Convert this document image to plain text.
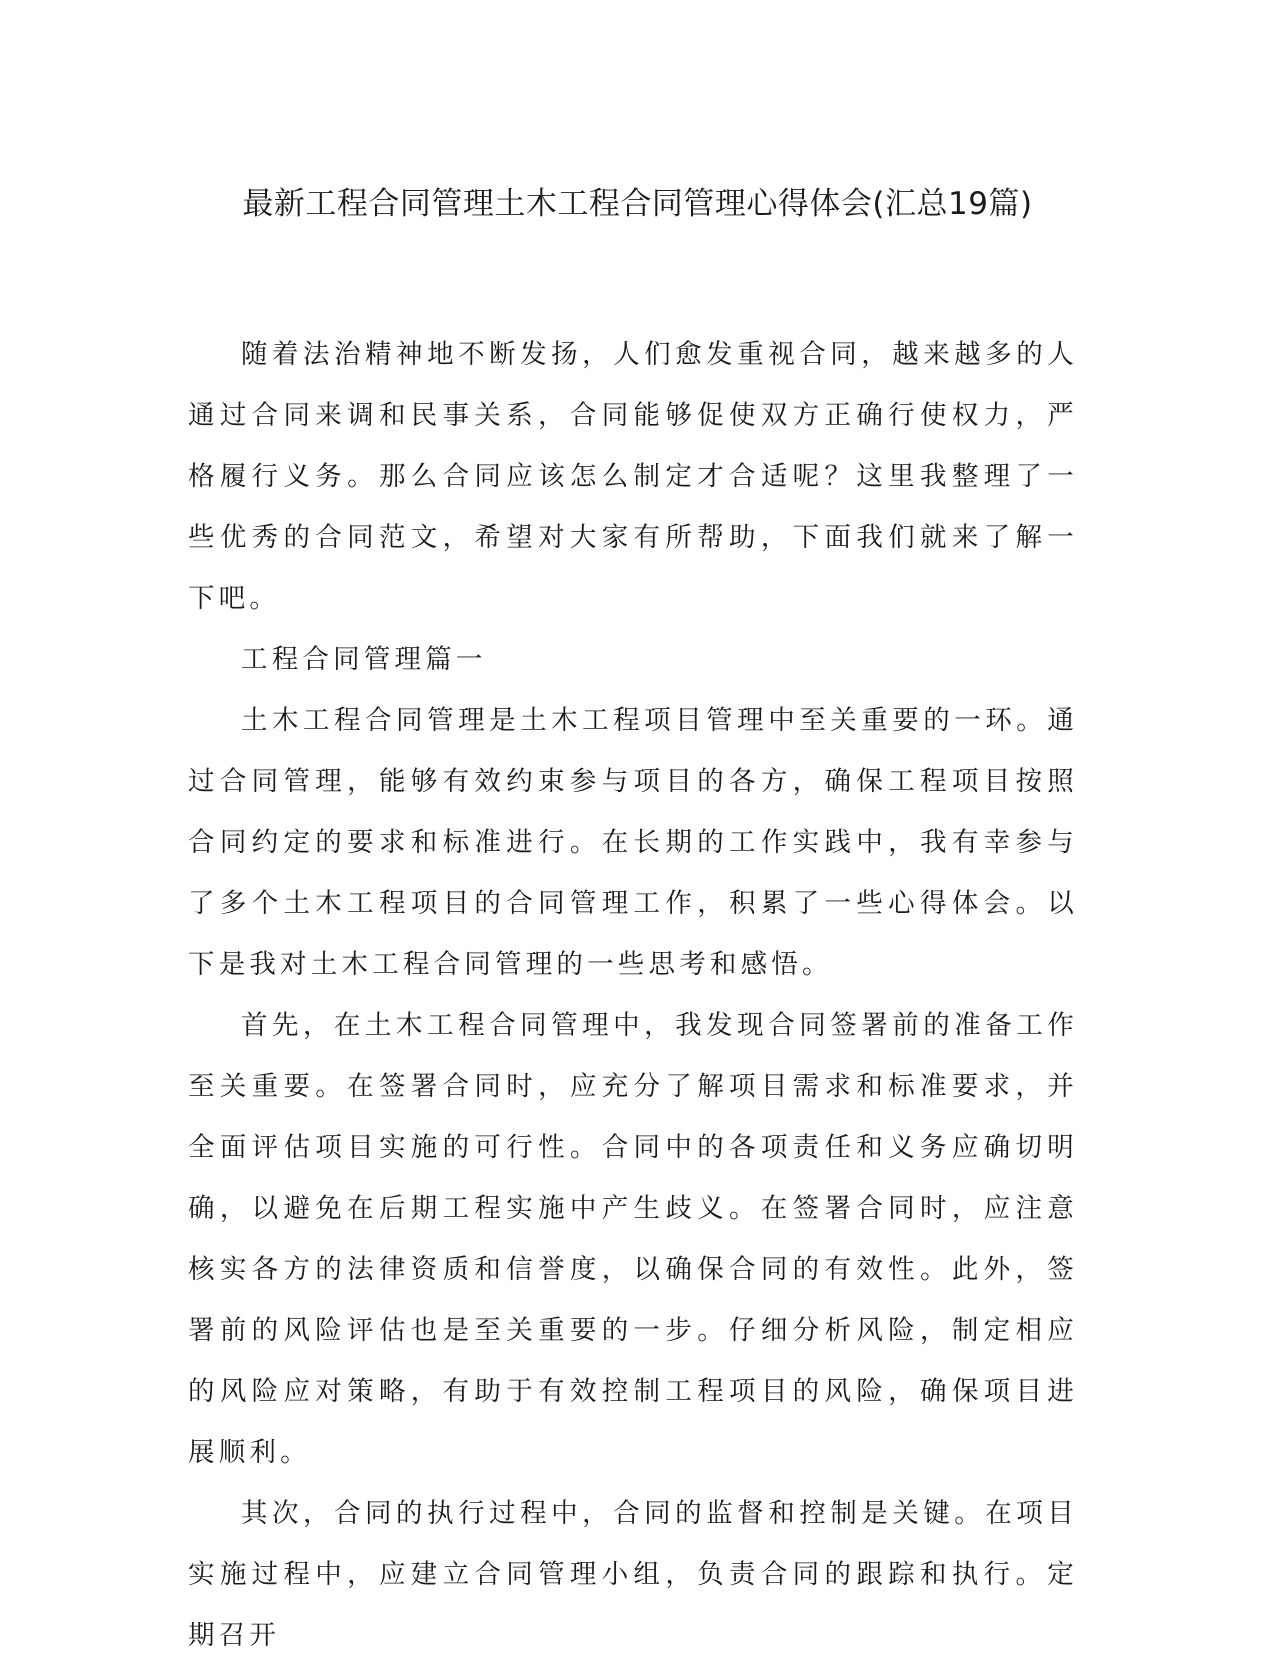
最新工程合同管理土木工程合同管理心得体会(汇总19篇)

随着法治精神地不断发扬，人们愈发重视合同，越来越多的人通过合同来调和民事关系，合同能够促使双方正确行使权力，严格履行义务。那么合同应该怎么制定才合适呢？这里我整理了一些优秀的合同范文，希望对大家有所帮助，下面我们就来了解一下吧。

工程合同管理篇一

土木工程合同管理是土木工程项目管理中至关重要的一环。通过合同管理，能够有效约束参与项目的各方，确保工程项目按照合同约定的要求和标准进行。在长期的工作实践中，我有幸参与了多个土木工程项目的合同管理工作，积累了一些心得体会。以下是我对土木工程合同管理的一些思考和感悟。

首先，在土木工程合同管理中，我发现合同签署前的准备工作至关重要。在签署合同时，应充分了解项目需求和标准要求，并全面评估项目实施的可行性。合同中的各项责任和义务应确切明确，以避免在后期工程实施中产生歧义。在签署合同时，应注意核实各方的法律资质和信誉度，以确保合同的有效性。此外，签署前的风险评估也是至关重要的一步。仔细分析风险，制定相应的风险应对策略，有助于有效控制工程项目的风险，确保项目进展顺利。

其次，合同的执行过程中，合同的监督和控制是关键。在项目实施过程中，应建立合同管理小组，负责合同的跟踪和执行。定期召开
